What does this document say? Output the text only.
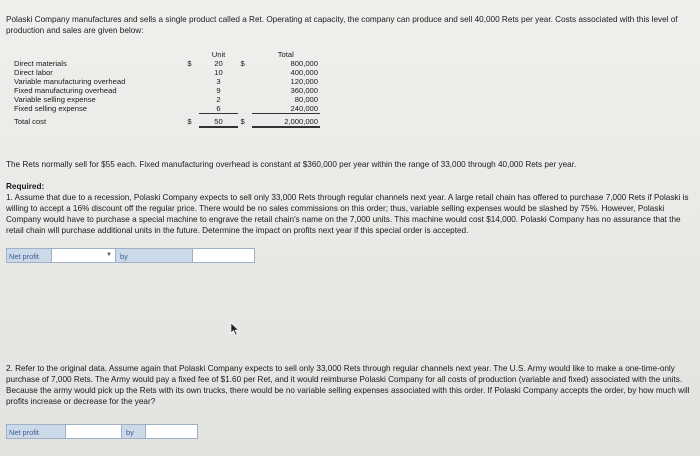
Polaski Company manufactures and sells a single product called a Ret. Operating at capacity, the company can produce and sell 40,000 Rets per year. Costs associated with this level of production and sales are given below:

		Unit		Total
Direct materials	$	20	$	800,000
Direct labor		10		400,000
Variable manufacturing overhead		3		120,000
Fixed manufacturing overhead		9		360,000
Variable selling expense		2		80,000
Fixed selling expense		6		240,000
Total cost	$	50	$	2,000,000

The Rets normally sell for $55 each. Fixed manufacturing overhead is constant at $360,000 per year within the range of 33,000 through 40,000 Rets per year.

Required:

1. Assume that due to a recession, Polaski Company expects to sell only 33,000 Rets through regular channels next year. A large retail chain has offered to purchase 7,000 Rets if Polaski is willing to accept a 16% discount off the regular price. There would be no sales commissions on this order; thus, variable selling expenses would be slashed by 75%. However, Polaski Company would have to purchase a special machine to engrave the retail chain's name on the 7,000 units. This machine would cost $14,000. Polaski Company has no assurance that the retail chain will purchase additional units in the future. Determine the impact on profits next year if this special order is accepted.

Net profit	▼	by

2. Refer to the original data. Assume again that Polaski Company expects to sell only 33,000 Rets through regular channels next year. The U.S. Army would like to make a one-time-only purchase of 7,000 Rets. The Army would pay a fixed fee of $1.60 per Ret, and it would reimburse Polaski Company for all costs of production (variable and fixed) associated with the units. Because the army would pick up the Rets with its own trucks, there would be no variable selling expenses associated with this order. If Polaski Company accepts the order, by how much will profits increase or decrease for the year?

Net profit	by
